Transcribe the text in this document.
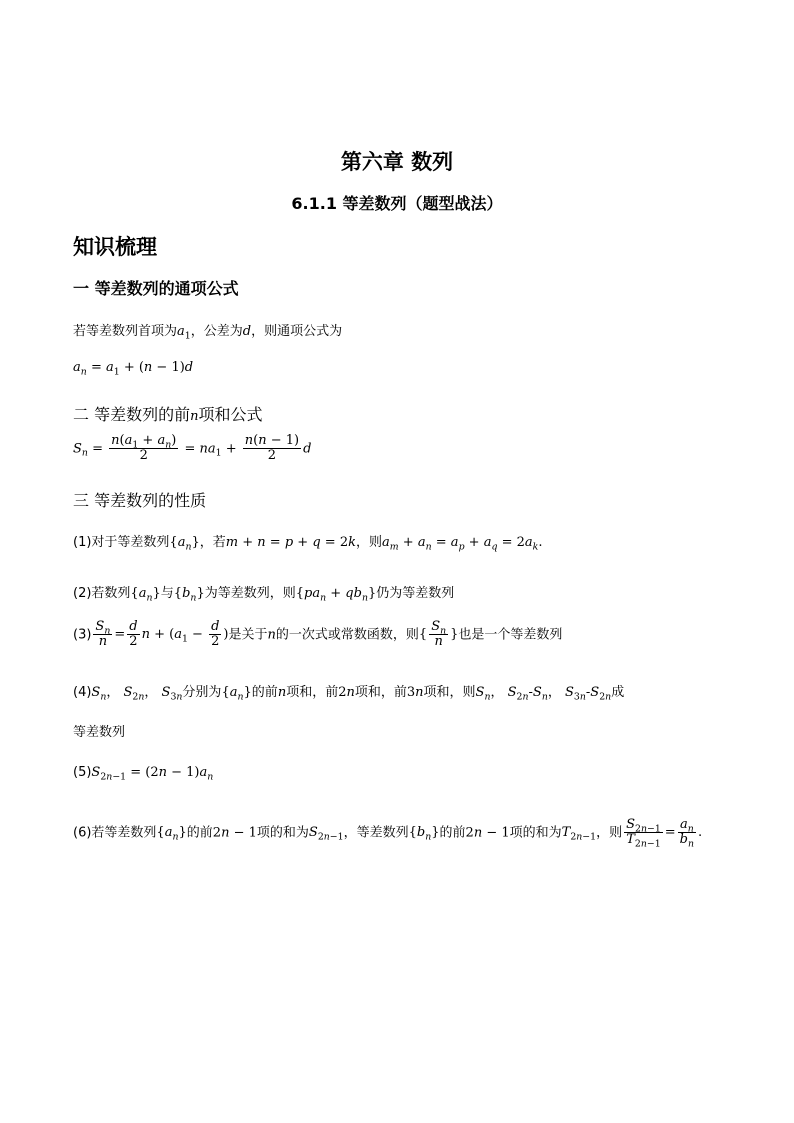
第六章 数列
6.1.1 等差数列（题型战法）
知识梳理
一 等差数列的通项公式
若等差数列首项为$a_1$，公差为d，则通项公式为
$a_n = a_1 + (n - 1)d$
二 等差数列的前n项和公式
$S_n = \frac{n(a_1 + a_n)}{2} = na_1 + \frac{n(n - 1)}{2}$ d
三 等差数列的性质
(1)对于等差数列$\{a_n\}$，若m + n = p + q = 2k，则$a_m + a_n = a_p + a_q = 2a_k$.
(2)若数列$\{a_n\}$与$\{b_n\}$为等差数列，则$\{pa_n + qb_n\}$仍为等差数列
$(3) \frac{S_n}{n} = \frac{d}{2}$ $n + (a_1 - \frac{d}{2}$ )是关于n的一次式或常数函数，则{ $\frac{S_n}{n}$ }也是一个等差数列
$(4)S_n$， $S_{2n}$， $S_{3n}$分别为$\{a_n\}$的前n项和，前2n项和，前3n项和，则$S_n$， $S_{2n}-S_n$， $S_{3n}-S_{2n}$成
等差数列
$(5)S_{2n-1} = (2n - 1)a_n$
(6)若等差数列$\{a_n\}$的前2n − 1项的和为$S_{2n-1}$，等差数列$\{b_n\}$的前2n − 1项的和为$T_{2n-1}$，则 $\frac{S_{2n-1}}{T_{2n-1}} = \frac{a_n}{b_n}$ .
